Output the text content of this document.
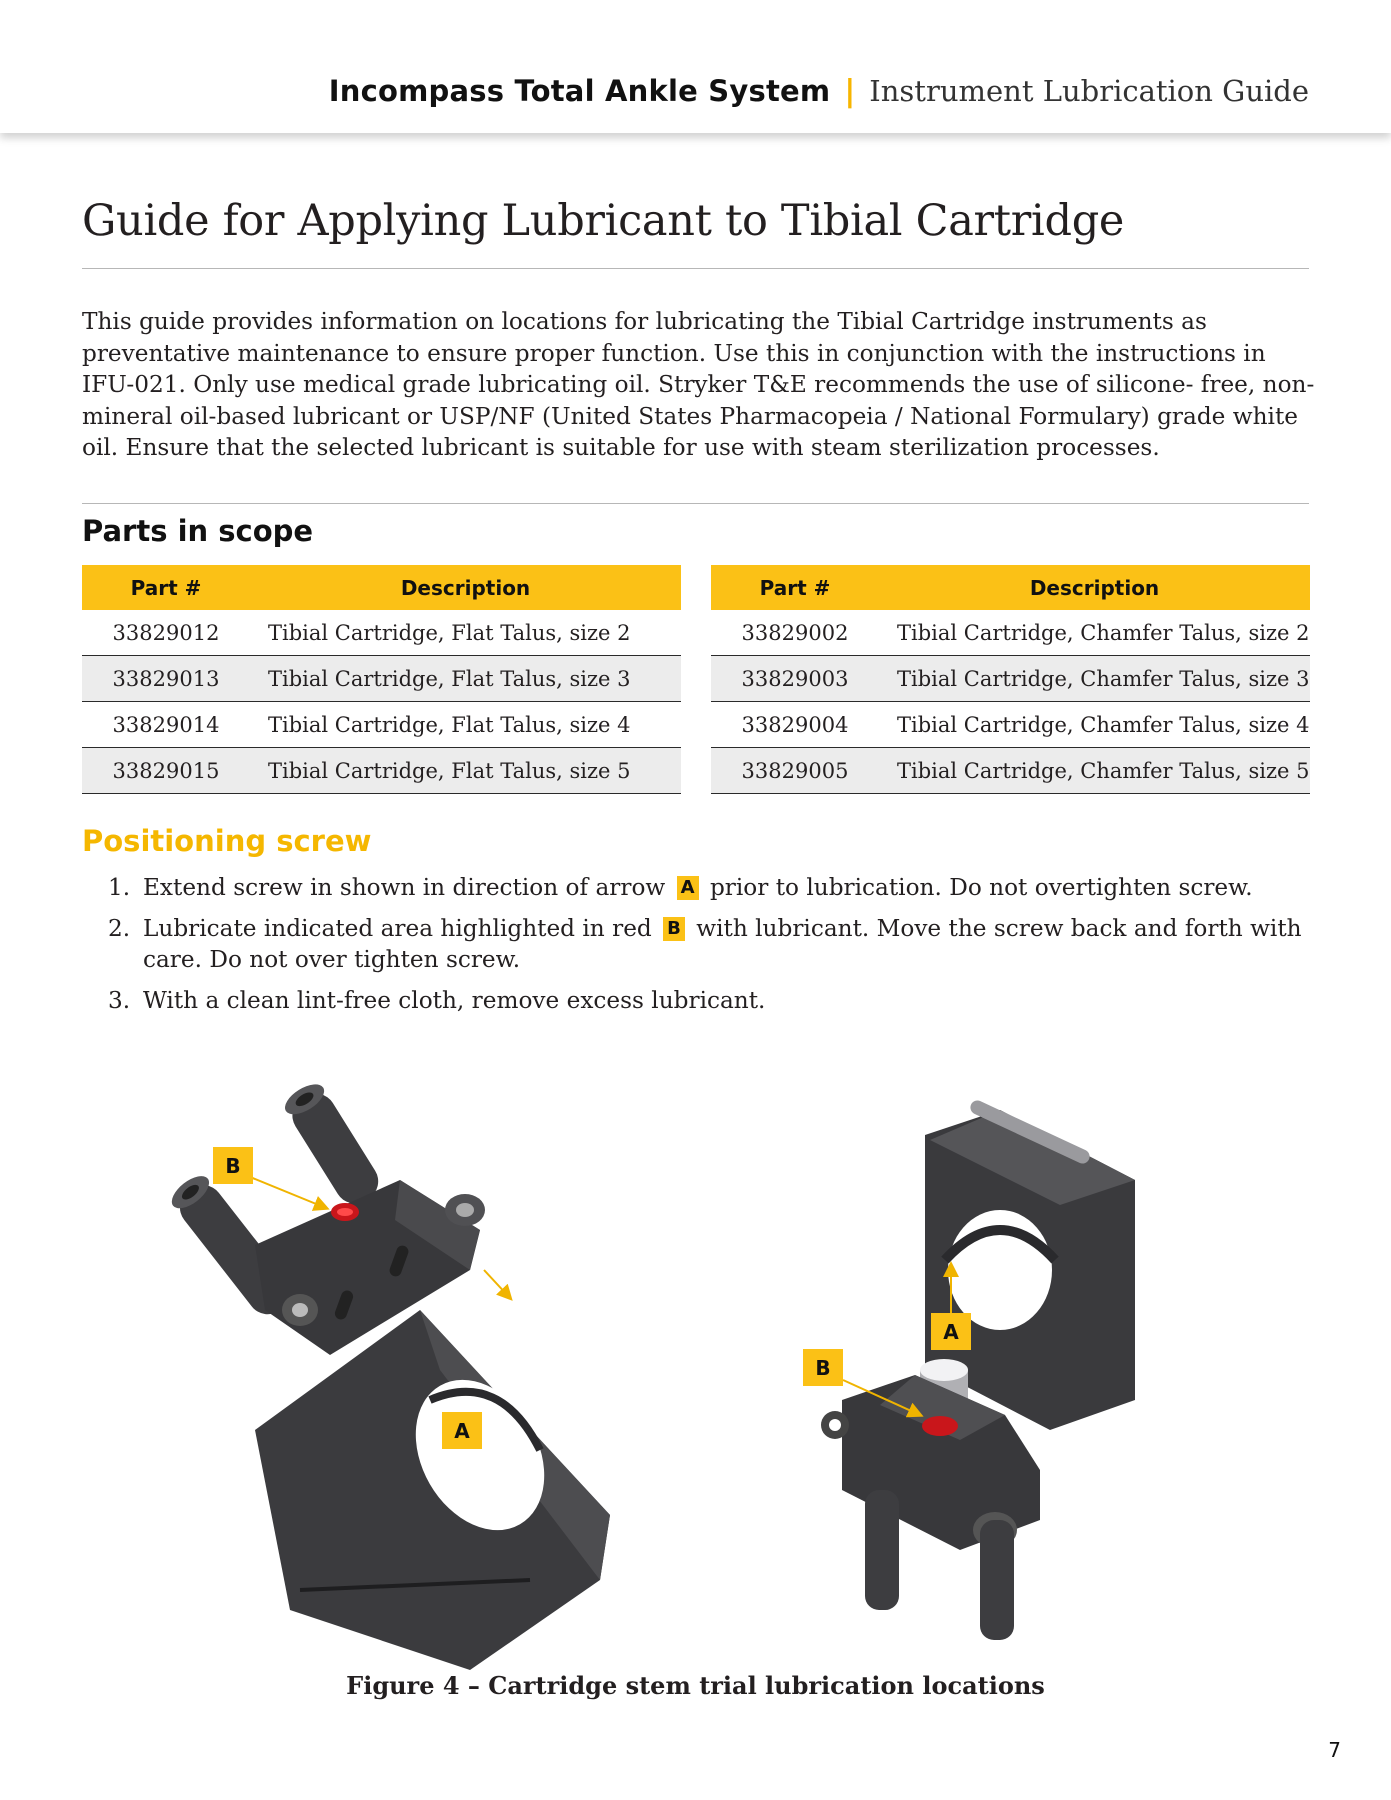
Incompass Total Ankle System | Instrument Lubrication Guide
Guide for Applying Lubricant to Tibial Cartridge

This guide provides information on locations for lubricating the Tibial Cartridge instruments as preventative maintenance to ensure proper function. Use this in conjunction with the instructions in IFU-021. Only use medical grade lubricating oil. Stryker T&E recommends the use of silicone- free, non-mineral oil-based lubricant or USP/NF (United States Pharmacopeia / National Formulary) grade white oil. Ensure that the selected lubricant is suitable for use with steam sterilization processes.

Parts in scope
Part #	Description
33829012	Tibial Cartridge, Flat Talus, size 2
33829013	Tibial Cartridge, Flat Talus, size 3
33829014	Tibial Cartridge, Flat Talus, size 4
33829015	Tibial Cartridge, Flat Talus, size 5
Part #	Description
33829002	Tibial Cartridge, Chamfer Talus, size 2
33829003	Tibial Cartridge, Chamfer Talus, size 3
33829004	Tibial Cartridge, Chamfer Talus, size 4
33829005	Tibial Cartridge, Chamfer Talus, size 5
Positioning screw
1. Extend screw in shown in direction of arrow A prior to lubrication. Do not overtighten screw.
2. Lubricate indicated area highlighted in red B with lubricant. Move the screw back and forth with care. Do not over tighten screw.
3. With a clean lint-free cloth, remove excess lubricant.
B
A
A
B

Figure 4 – Cartridge stem trial lubrication locations

7
